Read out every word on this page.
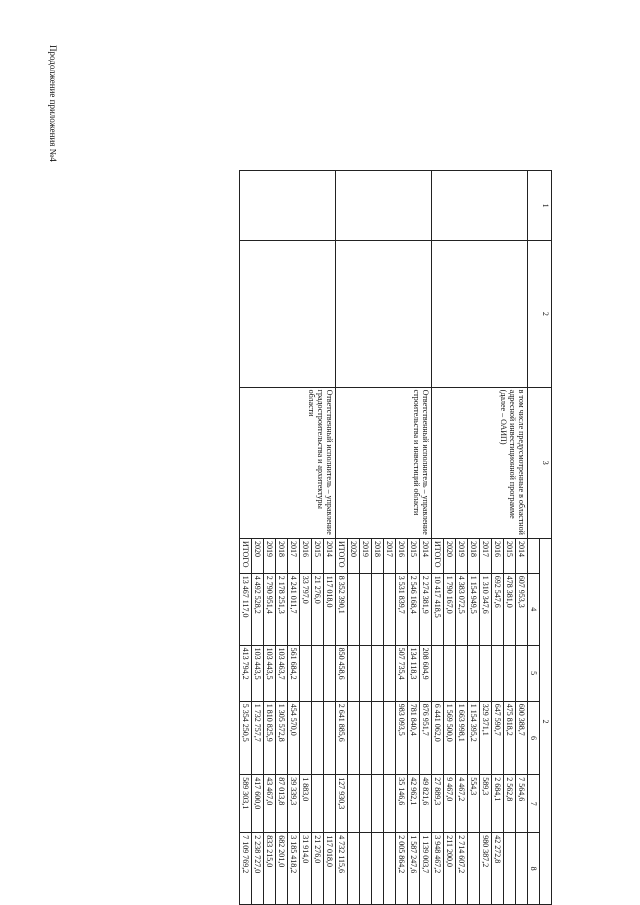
Продолжение приложения №4
1	2	3	2					
				4	5	6	7	8
		в том числе предусмотренные в областной адресной инвестиционной программе (далее – ОАИП)	2014	607 953,3		600 388,7	7 564,6	
			2015	478 381,0		475 818,2	2 562,8	
			2016	692 547,6		647 590,7	2 684,1	42 272,8
			2017	1 310 347,6		329 371,1	589,3	980 387,2
			2018	1 154 949,5		1 154 395,2	554,3	
			2019	4 383 072,5		1 663 998,1	4 467,2	2 714 607,2
			2020	1 790 167,0		1 569 500,0	9 467,0	211 200,0
			ИТОГО	10 417 418,5		6 441 062,0	27 889,3	3 948 467,2
		Ответственный исполнитель – управление строительства и инвестиций области	2014	2 274 381,9	208 604,9	876 951,7	49 821,6	1 139 003,7
			2015	2 546 168,4	134 118,3	781 840,4	42 962,1	1 587 247,6
			2016	3 531 839,7	507 735,4	983 093,5	35 146,6	2 005 864,2
			2017					
			2018					
			2019					
			2020					
			ИТОГО	8 352 390,1	850 458,6	2 641 885,6	127 930,3	4 732 115,6
		Ответственный исполнитель – управление градостроительства и архитектуры области	2014	117 018,0				117 018,0
			2015	21 276,0				21 276,0
			2016	33 797,0			1 883,0	31 914,0
			2017	4 241 011,7	561 684,2	454 570,0	39 339,3	3 185 418,2
			2018	2 178 251,3	103 463,7	1 305 572,8	87 013,8	682 201,0
			2019	2 790 951,4	103 443,5	1 810 825,9	43 467,0	833 215,0
			2020	4 492 528,2	103 443,5	1 732 757,7	417 600,0	2 238 727,0
			ИТОГО	13 467 117,0	413 794,2	5 354 250,5	589 303,1	7 109 769,2
